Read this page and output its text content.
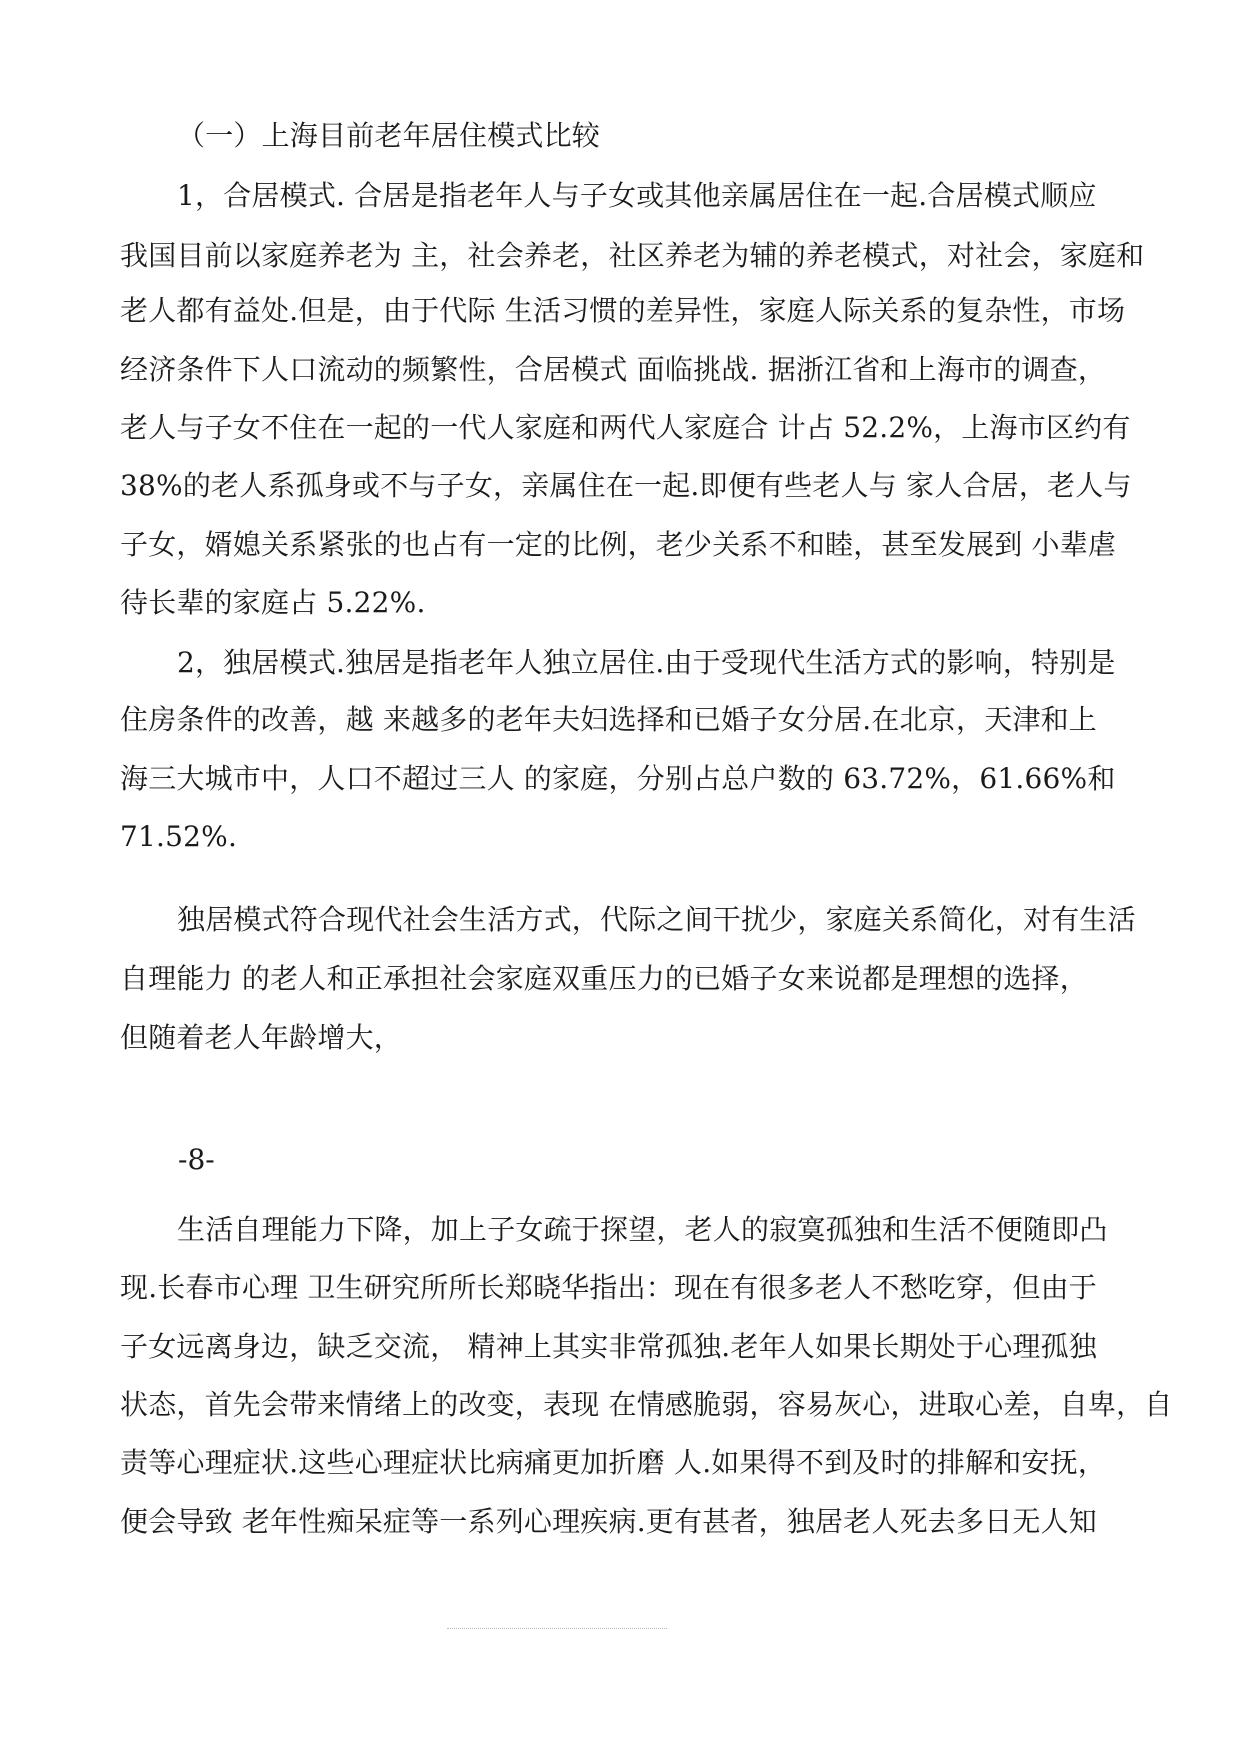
（一）上海目前老年居住模式比较
1，合居模式. 合居是指老年人与子女或其他亲属居住在一起.合居模式顺应
我国目前以家庭养老为 主，社会养老，社区养老为辅的养老模式，对社会，家庭和
老人都有益处.但是，由于代际 生活习惯的差异性，家庭人际关系的复杂性，市场
经济条件下人口流动的频繁性，合居模式 面临挑战. 据浙江省和上海市的调查，
老人与子女不住在一起的一代人家庭和两代人家庭合 计占 52.2%，上海市区约有
38%的老人系孤身或不与子女，亲属住在一起.即便有些老人与 家人合居，老人与
子女，婿媳关系紧张的也占有一定的比例，老少关系不和睦，甚至发展到 小辈虐
待长辈的家庭占 5.22%.
2，独居模式.独居是指老年人独立居住.由于受现代生活方式的影响，特别是
住房条件的改善，越 来越多的老年夫妇选择和已婚子女分居.在北京，天津和上
海三大城市中，人口不超过三人 的家庭，分别占总户数的 63.72%，61.66%和
71.52%.
独居模式符合现代社会生活方式，代际之间干扰少，家庭关系简化，对有生活
自理能力 的老人和正承担社会家庭双重压力的已婚子女来说都是理想的选择，
但随着老人年龄增大，
-8-
生活自理能力下降，加上子女疏于探望，老人的寂寞孤独和生活不便随即凸
现.长春市心理 卫生研究所所长郑晓华指出：现在有很多老人不愁吃穿，但由于
子女远离身边，缺乏交流， 精神上其实非常孤独.老年人如果长期处于心理孤独
状态，首先会带来情绪上的改变，表现 在情感脆弱，容易灰心，进取心差，自卑，自
责等心理症状.这些心理症状比病痛更加折磨 人.如果得不到及时的排解和安抚，
便会导致 老年性痴呆症等一系列心理疾病.更有甚者，独居老人死去多日无人知
